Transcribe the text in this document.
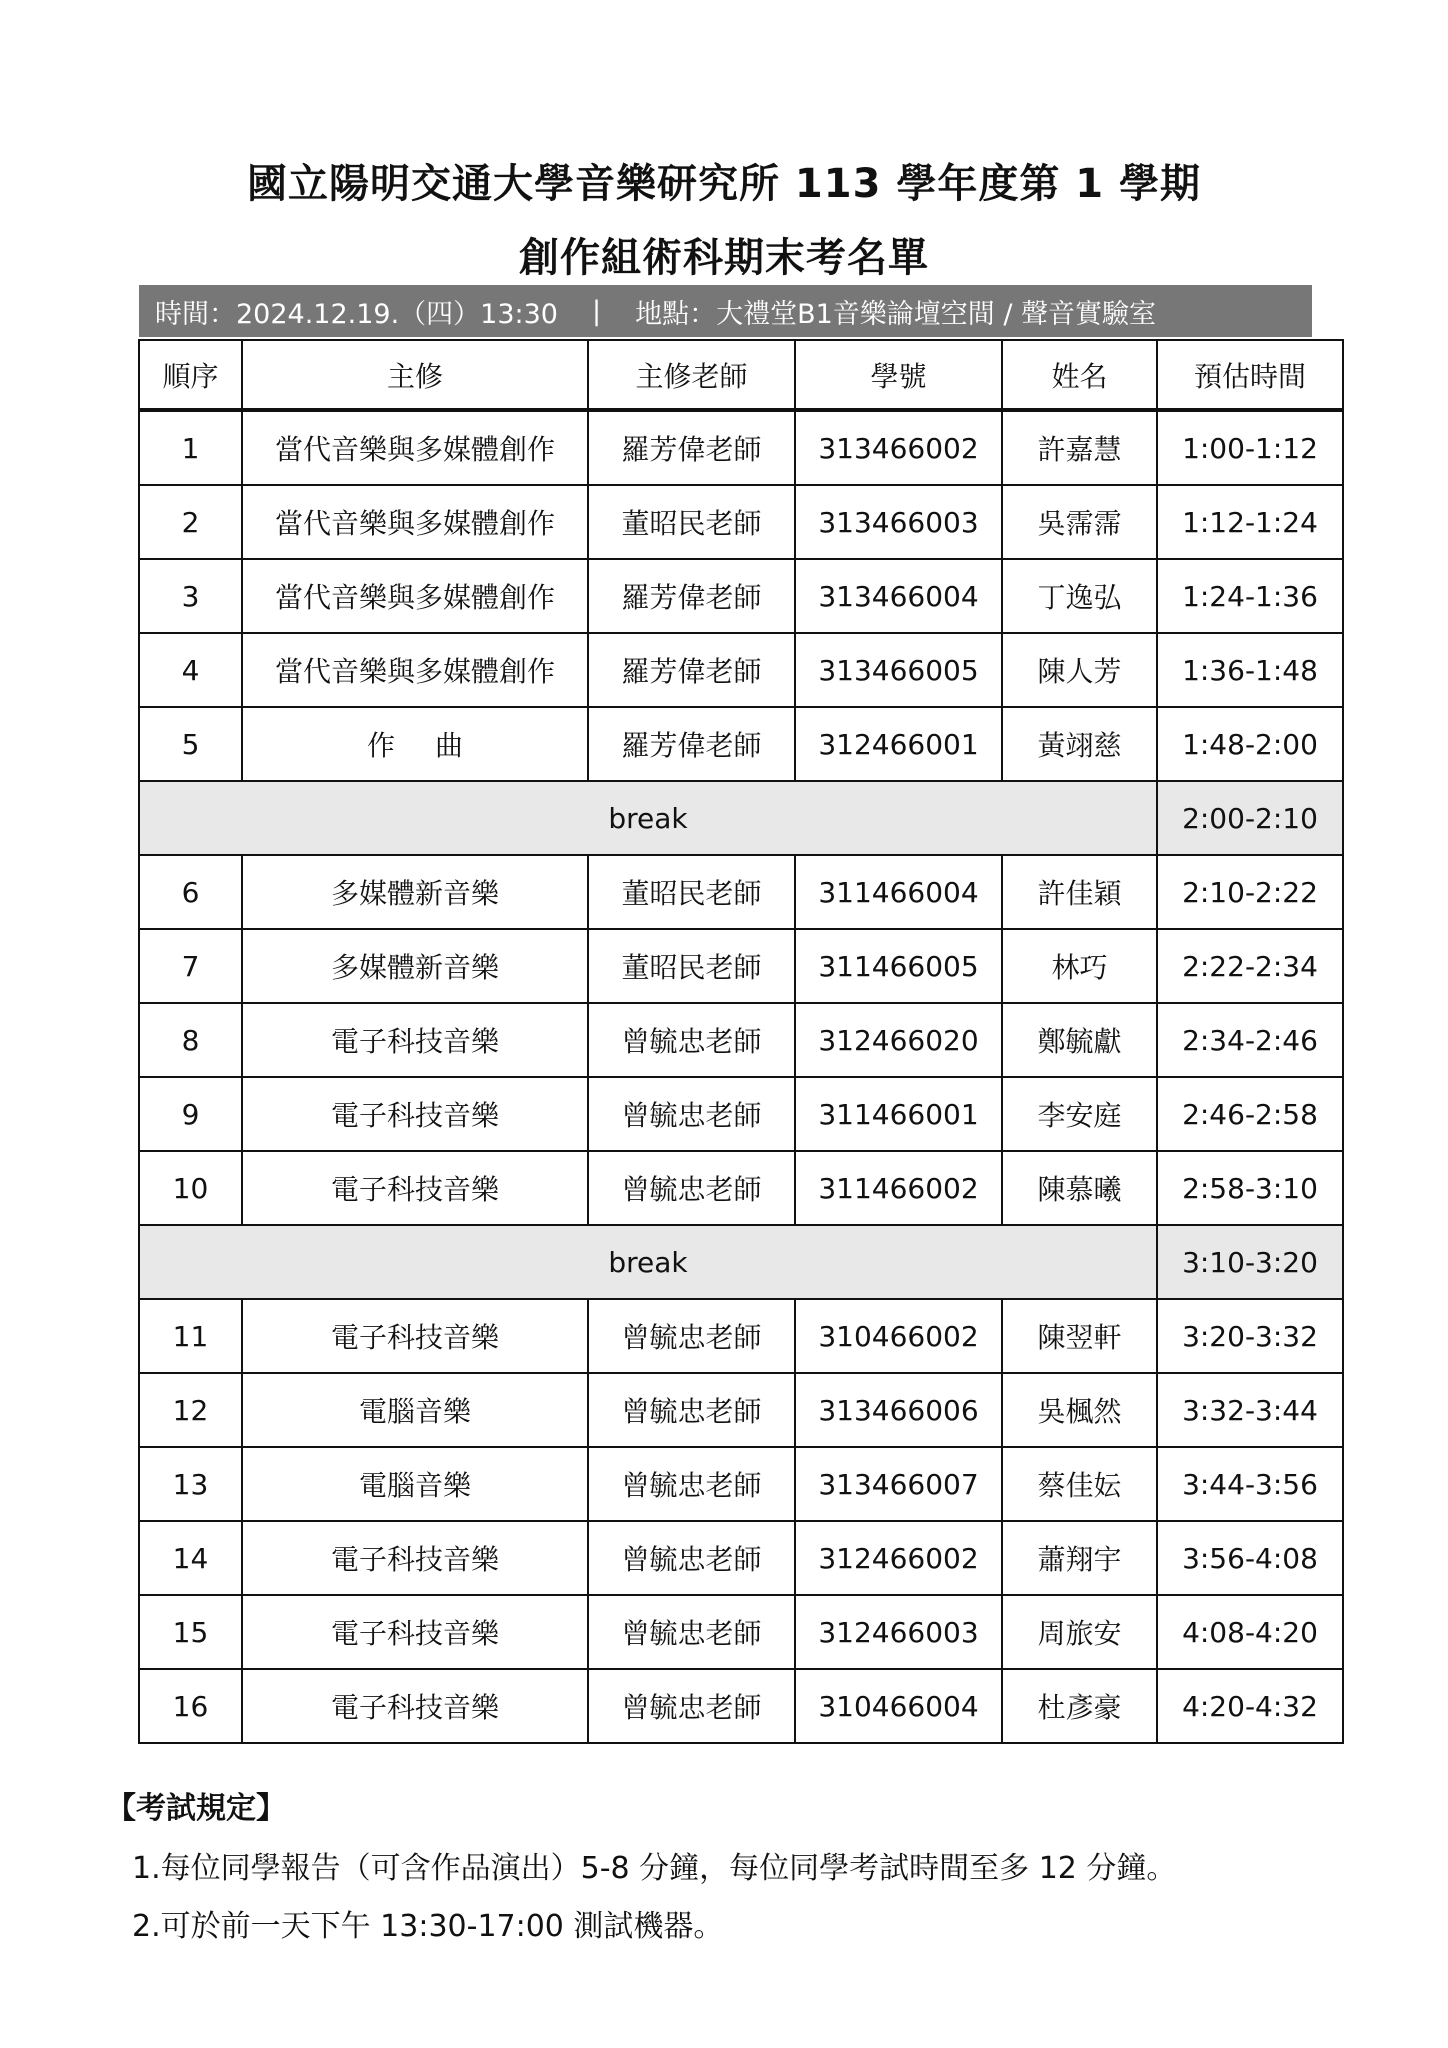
國立陽明交通大學音樂研究所 113 學年度第 1 學期
創作組術科期末考名單
時間：2024.12.19.（四）13:30 | 地點：大禮堂B1音樂論壇空間 / 聲音實驗室
順序	主修	主修老師	學號	姓名	預估時間
1	當代音樂與多媒體創作	羅芳偉老師	313466002	許嘉慧	1:00-1:12
2	當代音樂與多媒體創作	董昭民老師	313466003	吳霈霈	1:12-1:24
3	當代音樂與多媒體創作	羅芳偉老師	313466004	丁逸弘	1:24-1:36
4	當代音樂與多媒體創作	羅芳偉老師	313466005	陳人芳	1:36-1:48
5	作曲	羅芳偉老師	312466001	黃翊慈	1:48-2:00
break					2:00-2:10
6	多媒體新音樂	董昭民老師	311466004	許佳穎	2:10-2:22
7	多媒體新音樂	董昭民老師	311466005	林巧	2:22-2:34
8	電子科技音樂	曾毓忠老師	312466020	鄭毓獻	2:34-2:46
9	電子科技音樂	曾毓忠老師	311466001	李安庭	2:46-2:58
10	電子科技音樂	曾毓忠老師	311466002	陳慕曦	2:58-3:10
break					3:10-3:20
11	電子科技音樂	曾毓忠老師	310466002	陳翌軒	3:20-3:32
12	電腦音樂	曾毓忠老師	313466006	吳楓然	3:32-3:44
13	電腦音樂	曾毓忠老師	313466007	蔡佳妘	3:44-3:56
14	電子科技音樂	曾毓忠老師	312466002	蕭翔宇	3:56-4:08
15	電子科技音樂	曾毓忠老師	312466003	周旅安	4:08-4:20
16	電子科技音樂	曾毓忠老師	310466004	杜彥豪	4:20-4:32

【考試規定】

1.每位同學報告（可含作品演出）5-8 分鐘，每位同學考試時間至多 12 分鐘。

2.可於前一天下午 13:30-17:00 測試機器。
